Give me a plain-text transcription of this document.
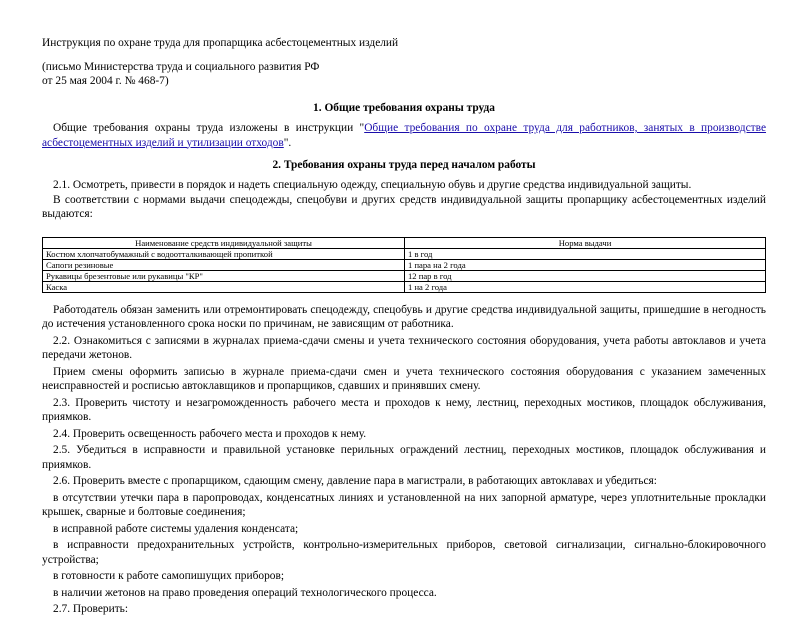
Инструкция по охране труда для пропарщика асбестоцементных изделий
(письмо Министерства труда и социального развития РФ
от 25 мая 2004 г. № 468-7)
1. Общие требования охраны труда

Общие требования охраны труда изложены в инструкции "Общие требования по охране труда для работников, занятых в производстве асбестоцементных изделий и утилизации отходов".

2. Требования охраны труда перед началом работы

2.1. Осмотреть, привести в порядок и надеть специальную одежду, специальную обувь и другие средства индивидуальной защиты.

В соответствии с нормами выдачи спецодежды, спецобуви и других средств индивидуальной защиты пропарщику асбестоцементных изделий выдаются:

Наименование средств индивидуальной защиты	Норма выдачи
Костюм хлопчатобумажный с водоотталкивающей пропиткой	1 в год
Сапоги резиновые	1 пара на 2 года
Рукавицы брезентовые или рукавицы "КР"	12 пар в год
Каска	1 на 2 года

Работодатель обязан заменить или отремонтировать спецодежду, спецобувь и другие средства индивидуальной защиты, пришедшие в негодность до истечения установленного срока носки по причинам, не зависящим от работника.

2.2. Ознакомиться с записями в журналах приема-сдачи смены и учета технического состояния оборудования, учета работы автоклавов и учета передачи жетонов.

Прием смены оформить записью в журнале приема-сдачи смен и учета технического состояния оборудования с указанием замеченных неисправностей и росписью автоклавщиков и пропарщиков, сдавших и принявших смену.

2.3. Проверить чистоту и незагроможденность рабочего места и проходов к нему, лестниц, переходных мостиков, площадок обслуживания, приямков.

2.4. Проверить освещенность рабочего места и проходов к нему.

2.5. Убедиться в исправности и правильной установке перильных ограждений лестниц, переходных мостиков, площадок обслуживания и приямков.

2.6. Проверить вместе с пропарщиком, сдающим смену, давление пара в магистрали, в работающих автоклавах и убедиться:

в отсутствии утечки пара в паропроводах, конденсатных линиях и установленной на них запорной арматуре, через уплотнительные прокладки крышек, сварные и болтовые соединения;

в исправной работе системы удаления конденсата;

в исправности предохранительных устройств, контрольно-измерительных приборов, световой сигнализации, сигнально-блокировочного устройства;

в готовности к работе самопишущих приборов;

в наличии жетонов на право проведения операций технологического процесса.

2.7. Проверить:
